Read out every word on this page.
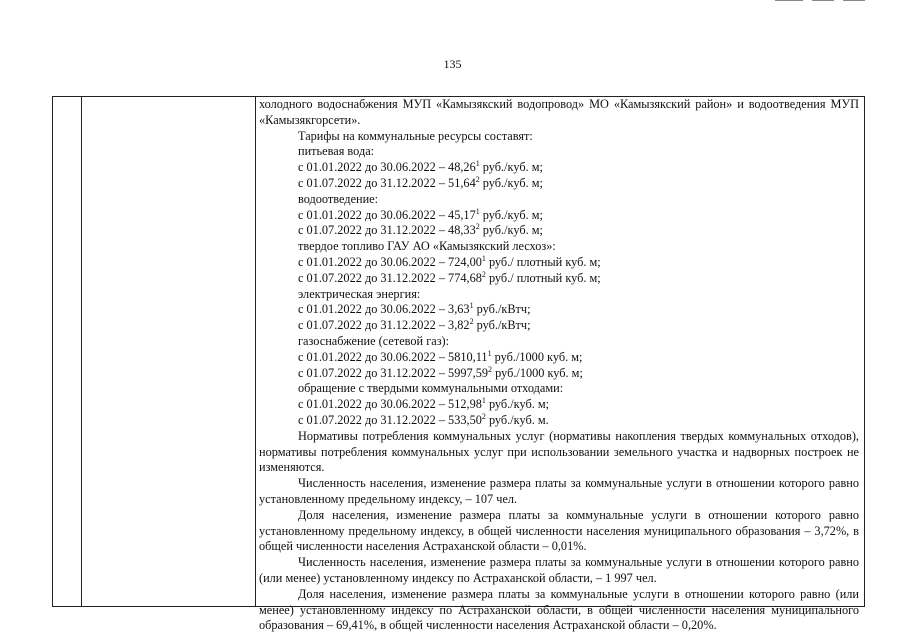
135

холодного водоснабжения МУП «Камызякский водопровод» МО «Камызякский район» и водоотведения МУП «Камызякгорсети».

Тарифы на коммунальные ресурсы составят:

питьевая вода:

с 01.01.2022 до 30.06.2022 – 48,26$^1$ руб./куб. м;

с 01.07.2022 до 31.12.2022 – 51,64$^2$ руб./куб. м;

водоотведение:

с 01.01.2022 до 30.06.2022 – 45,17$^1$ руб./куб. м;

с 01.07.2022 до 31.12.2022 – 48,33$^2$ руб./куб. м;

твердое топливо ГАУ АО «Камызякский лесхоз»:

с 01.01.2022 до 30.06.2022 – 724,00$^1$ руб./ плотный куб. м;

с 01.07.2022 до 31.12.2022 – 774,68$^2$ руб./ плотный куб. м;

электрическая энергия:

с 01.01.2022 до 30.06.2022 – 3,63$^1$ руб./кВтч;

с 01.07.2022 до 31.12.2022 – 3,82$^2$ руб./кВтч;

газоснабжение (сетевой газ):

с 01.01.2022 до 30.06.2022 – 5810,11$^1$ руб./1000 куб. м;

с 01.07.2022 до 31.12.2022 – 5997,59$^2$ руб./1000 куб. м;

обращение с твердыми коммунальными отходами:

с 01.01.2022 до 30.06.2022 – 512,98$^1$ руб./куб. м;

с 01.07.2022 до 31.12.2022 – 533,50$^2$ руб./куб. м.

Нормативы потребления коммунальных услуг (нормативы накопления твердых коммунальных отходов), нормативы потребления коммунальных услуг при использовании земельного участка и надворных построек не изменяются.

Численность населения, изменение размера платы за коммунальные услуги в отношении которого равно установленному предельному индексу, – 107 чел.

Доля населения, изменение размера платы за коммунальные услуги в отношении которого равно установленному предельному индексу, в общей численности населения муниципального образования – 3,72%, в общей численности населения Астраханской области – 0,01%.

Численность населения, изменение размера платы за коммунальные услуги в отношении которого равно (или менее) установленному индексу по Астраханской области, – 1 997 чел.

Доля населения, изменение размера платы за коммунальные услуги в отношении которого равно (или менее) установленному индексу по Астраханской области, в общей численности населения муниципального образования – 69,41%, в общей численности населения Астраханской области – 0,20%.
